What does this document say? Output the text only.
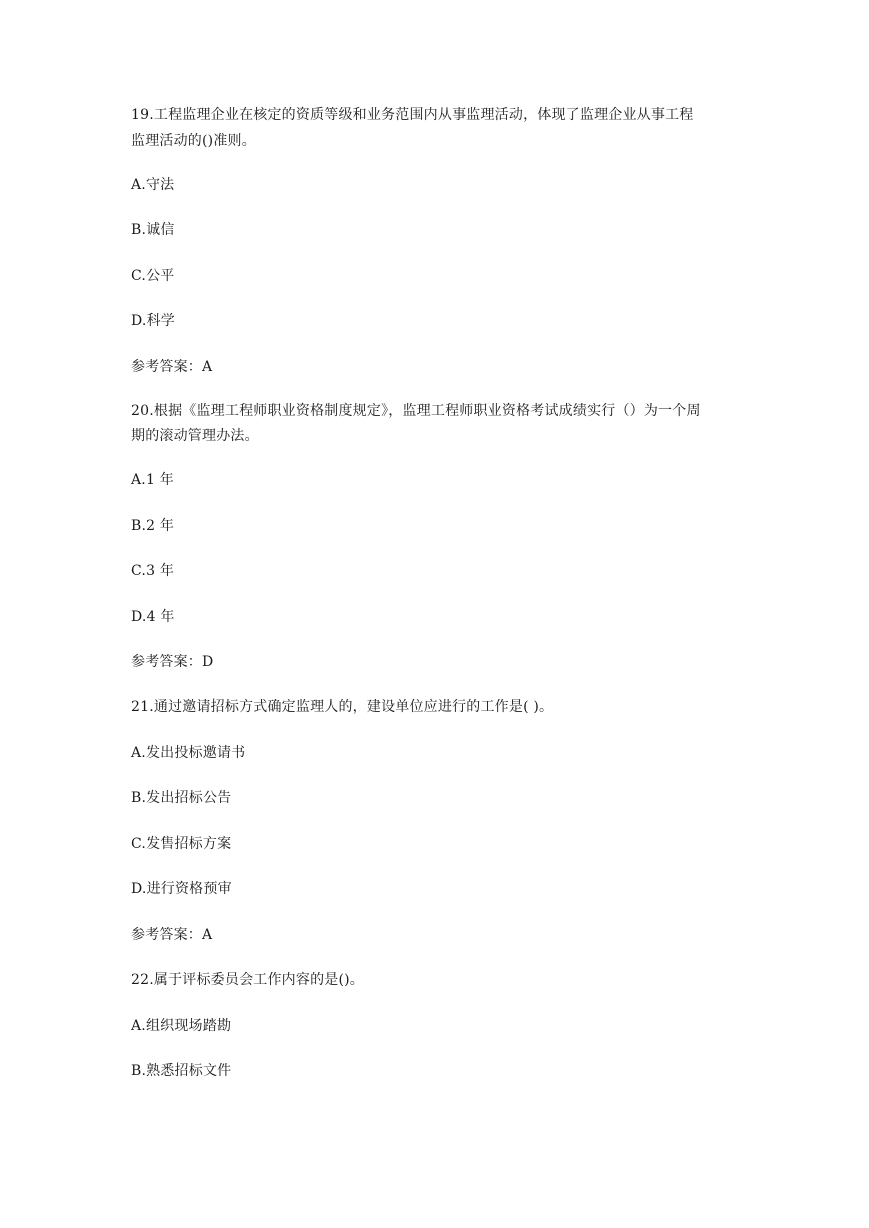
19.工程监理企业在核定的资质等级和业务范围内从事监理活动，体现了监理企业从事工程
监理活动的()准则。
A.守法
B.诚信
C.公平
D.科学
参考答案：A
20.根据《监理工程师职业资格制度规定》，监理工程师职业资格考试成绩实行（）为一个周
期的滚动管理办法。
A.1 年
B.2 年
C.3 年
D.4 年
参考答案：D
21.通过邀请招标方式确定监理人的，建设单位应进行的工作是( )。
A.发出投标邀请书
B.发出招标公告
C.发售招标方案
D.进行资格预审
参考答案：A
22.属于评标委员会工作内容的是()。
A.组织现场踏勘
B.熟悉招标文件
